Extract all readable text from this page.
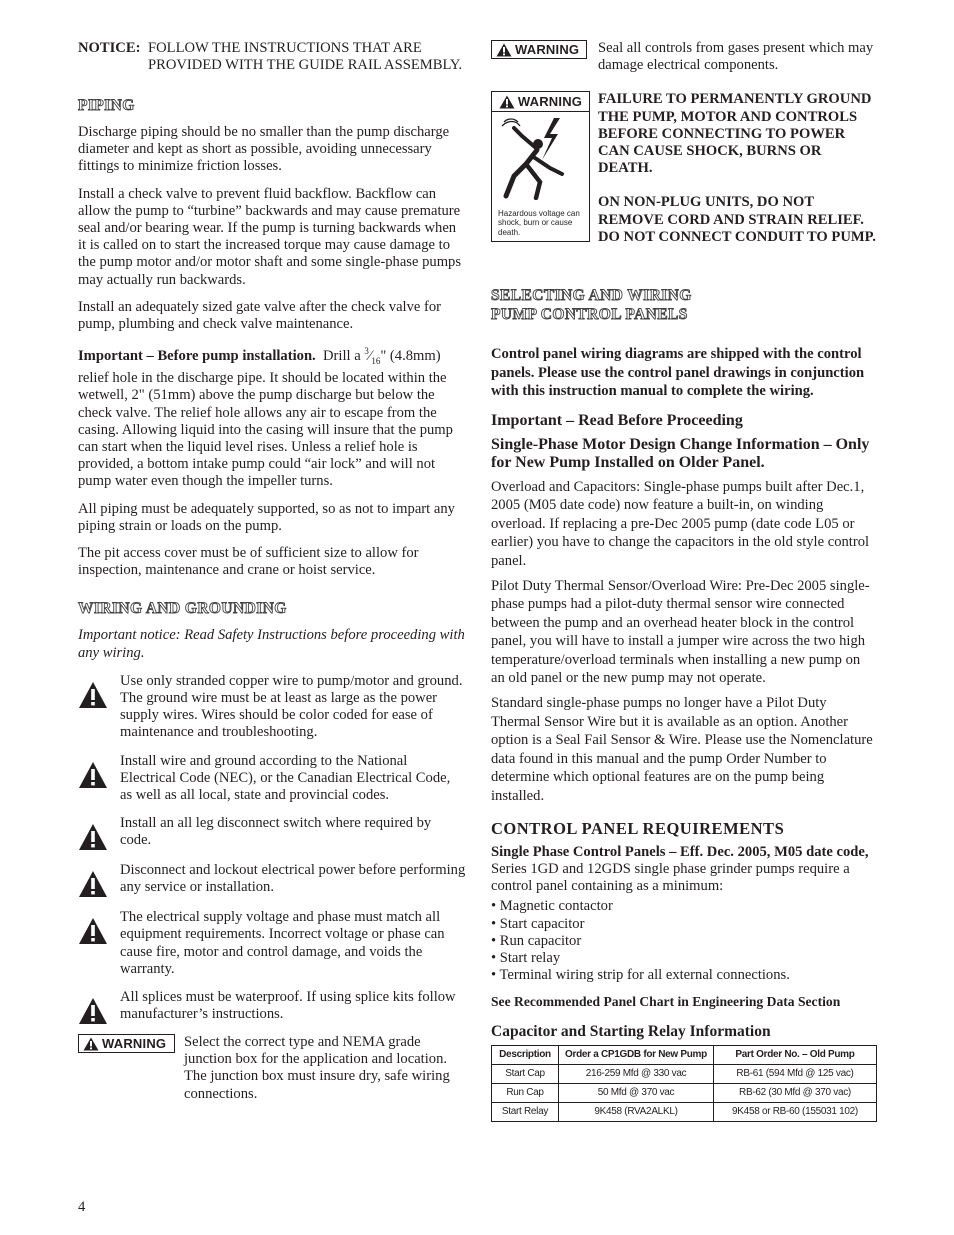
NOTICE: FOLLOW THE INSTRUCTIONS THAT ARE PROVIDED WITH THE GUIDE RAIL ASSEMBLY.
PIPING

Discharge piping should be no smaller than the pump discharge diameter and kept as short as possible, avoiding unnecessary fittings to minimize friction losses.

Install a check valve to prevent fluid backflow. Backflow can allow the pump to “turbine” backwards and may cause premature seal and/or bearing wear. If the pump is turning backwards when it is called on to start the increased torque may cause damage to the pump motor and/or motor shaft and some single-phase pumps may actually run backwards.

Install an adequately sized gate valve after the check valve for pump, plumbing and check valve maintenance.

Important – Before pump installation. Drill a $^3⁄_{16}$" (4.8mm) relief hole in the discharge pipe. It should be located within the wetwell, 2" (51mm) above the pump discharge but below the check valve. The relief hole allows any air to escape from the casing. Allowing liquid into the casing will insure that the pump can start when the liquid level rises. Unless a relief hole is provided, a bottom intake pump could “air lock” and will not pump water even though the impeller turns.

All piping must be adequately supported, so as not to impart any piping strain or loads on the pump.

The pit access cover must be of sufficient size to allow for inspection, maintenance and crane or hoist service.

WIRING AND GROUNDING

Important notice: Read Safety Instructions before proceeding with any wiring.

Use only stranded copper wire to pump/motor and ground. The ground wire must be at least as large as the power supply wires. Wires should be color coded for ease of maintenance and troubleshooting.

Install wire and ground according to the National Electrical Code (NEC), or the Canadian Electrical Code, as well as all local, state and provincial codes.

Install an all leg disconnect switch where required by code.

Disconnect and lockout electrical power before performing any service or installation.

The electrical supply voltage and phase must match all equipment requirements. Incorrect voltage or phase can cause fire, motor and control damage, and voids the warranty.

All splices must be waterproof. If using splice kits follow manufacturer’s instructions.

WARNING Select the correct type and NEMA grade junction box for the application and location. The junction box must insure dry, safe wiring connections.

WARNING Seal all controls from gases present which may damage electrical components.

WARNING
Hazardous voltage can shock, burn or cause death.

FAILURE TO PERMANENTLY GROUND THE PUMP, MOTOR AND CONTROLS BEFORE CONNECTING TO POWER CAN CAUSE SHOCK, BURNS OR DEATH.

ON NON-PLUG UNITS, DO NOT REMOVE CORD AND STRAIN RELIEF. DO NOT CONNECT CONDUIT TO PUMP.

SELECTING AND WIRING
PUMP CONTROL PANELS

Control panel wiring diagrams are shipped with the control panels. Please use the control panel drawings in conjunction with this instruction manual to complete the wiring.

Important – Read Before Proceeding

Single-Phase Motor Design Change Information – Only for New Pump Installed on Older Panel.

Overload and Capacitors: Single-phase pumps built after Dec.1, 2005 (M05 date code) now feature a built-in, on winding overload. If replacing a pre-Dec 2005 pump (date code L05 or earlier) you have to change the capacitors in the old style control panel.

Pilot Duty Thermal Sensor/Overload Wire: Pre-Dec 2005 single-phase pumps had a pilot-duty thermal sensor wire connected between the pump and an overhead heater block in the control panel, you will have to install a jumper wire across the two high temperature/overload terminals when installing a new pump on an old panel or the new pump may not operate.

Standard single-phase pumps no longer have a Pilot Duty Thermal Sensor Wire but it is available as an option. Another option is a Seal Fail Sensor & Wire. Please use the Nomenclature data found in this manual and the pump Order Number to determine which optional features are on the pump being installed.

CONTROL PANEL REQUIREMENTS

Single Phase Control Panels – Eff. Dec. 2005, M05 date code, Series 1GD and 12GDS single phase grinder pumps require a control panel containing as a minimum:

• Magnetic contactor

• Start capacitor

• Run capacitor

• Start relay

• Terminal wiring strip for all external connections.

See Recommended Panel Chart in Engineering Data Section

Capacitor and Starting Relay Information

Description	Order a CP1GDB for New Pump	Part Order No. – Old Pump
Start Cap	216-259 Mfd @ 330 vac	RB-61 (594 Mfd @ 125 vac)
Run Cap	50 Mfd @ 370 vac	RB-62 (30 Mfd @ 370 vac)
Start Relay	9K458 (RVA2ALKL)	9K458 or RB-60 (155031 102)
4
